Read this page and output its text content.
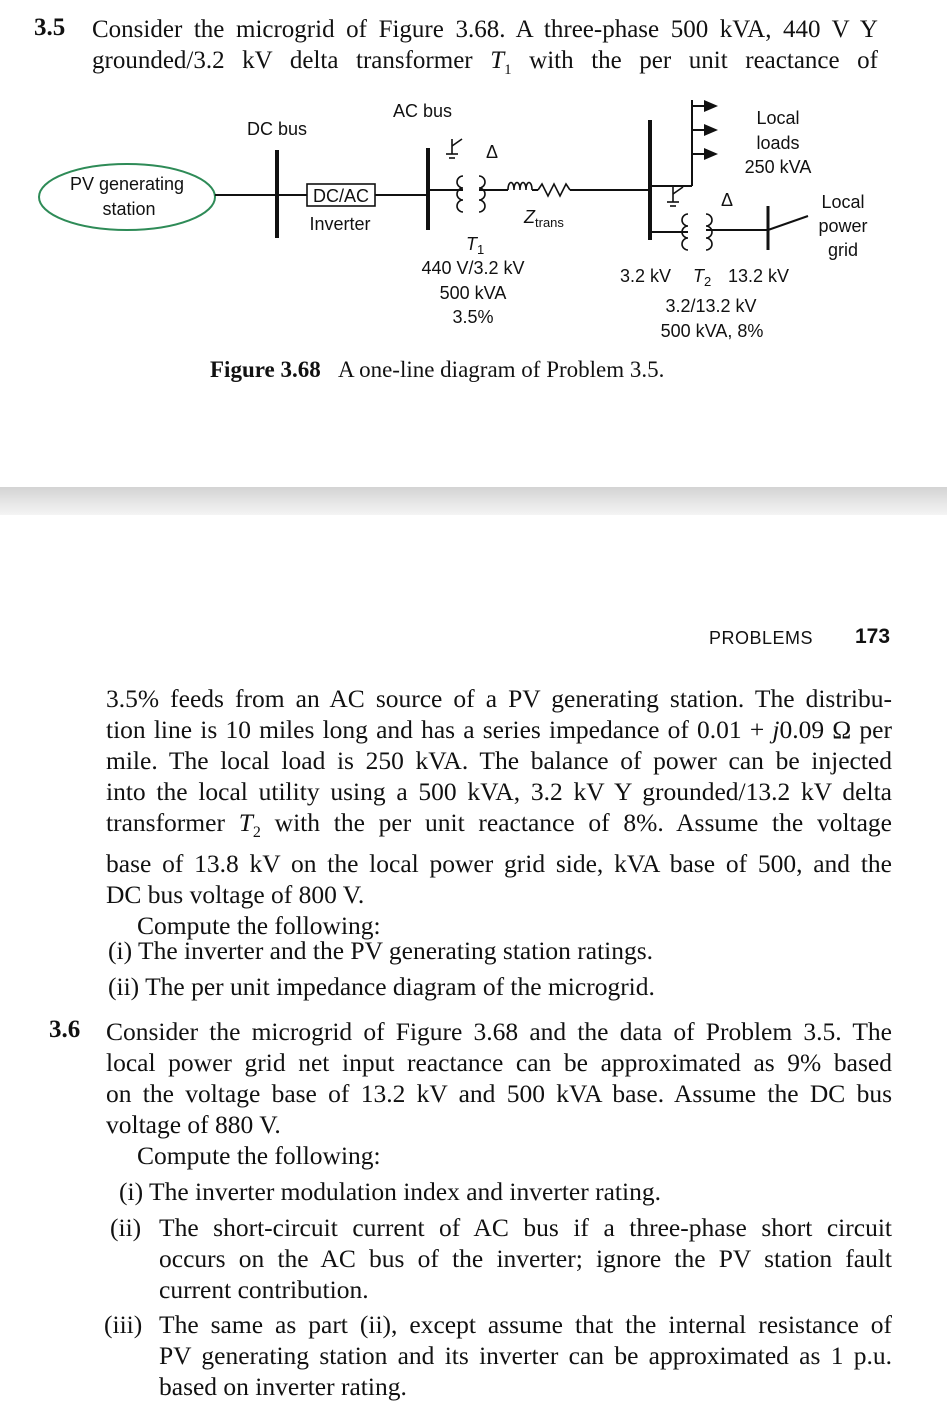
3.5 Consider the microgrid of Figure 3.68. A three-phase 500 kVA, 440 V Y
grounded/3.2 kV delta transformer $T_1$ with the per unit reactance of
DC bus
AC bus
PV generating
station
DC/AC
Inverter
Δ
Δ
$Z_{trans}$
$T_1$
440 V/3.2 kV
500 kVA
3.5%
Local
loads
250 kVA
Local
power
grid
3.2 kV $T_2$ 13.2 kV
3.2/13.2 kV
500 kVA, 8%
Figure 3.68 A one-line diagram of Problem 3.5.
PROBLEMS 173
3.5% feeds from an AC source of a PV generating station. The distribu-
tion line is 10 miles long and has a series impedance of 0.01 + j0.09 Ω per
mile. The local load is 250 kVA. The balance of power can be injected
into the local utility using a 500 kVA, 3.2 kV Y grounded/13.2 kV delta
transformer $T_2$ with the per unit reactance of 8%. Assume the voltage
base of 13.8 kV on the local power grid side, kVA base of 500, and the
DC bus voltage of 800 V.
Compute the following:
(i) The inverter and the PV generating station ratings.
(ii) The per unit impedance diagram of the microgrid.
3.6 Consider the microgrid of Figure 3.68 and the data of Problem 3.5. The
local power grid net input reactance can be approximated as 9% based
on the voltage base of 13.2 kV and 500 kVA base. Assume the DC bus
voltage of 880 V.
Compute the following:
(i) The inverter modulation index and inverter rating.
(ii) The short-circuit current of AC bus if a three-phase short circuit
occurs on the AC bus of the inverter; ignore the PV station fault
current contribution.
(iii) The same as part (ii), except assume that the internal resistance of
PV generating station and its inverter can be approximated as 1 p.u.
based on inverter rating.
